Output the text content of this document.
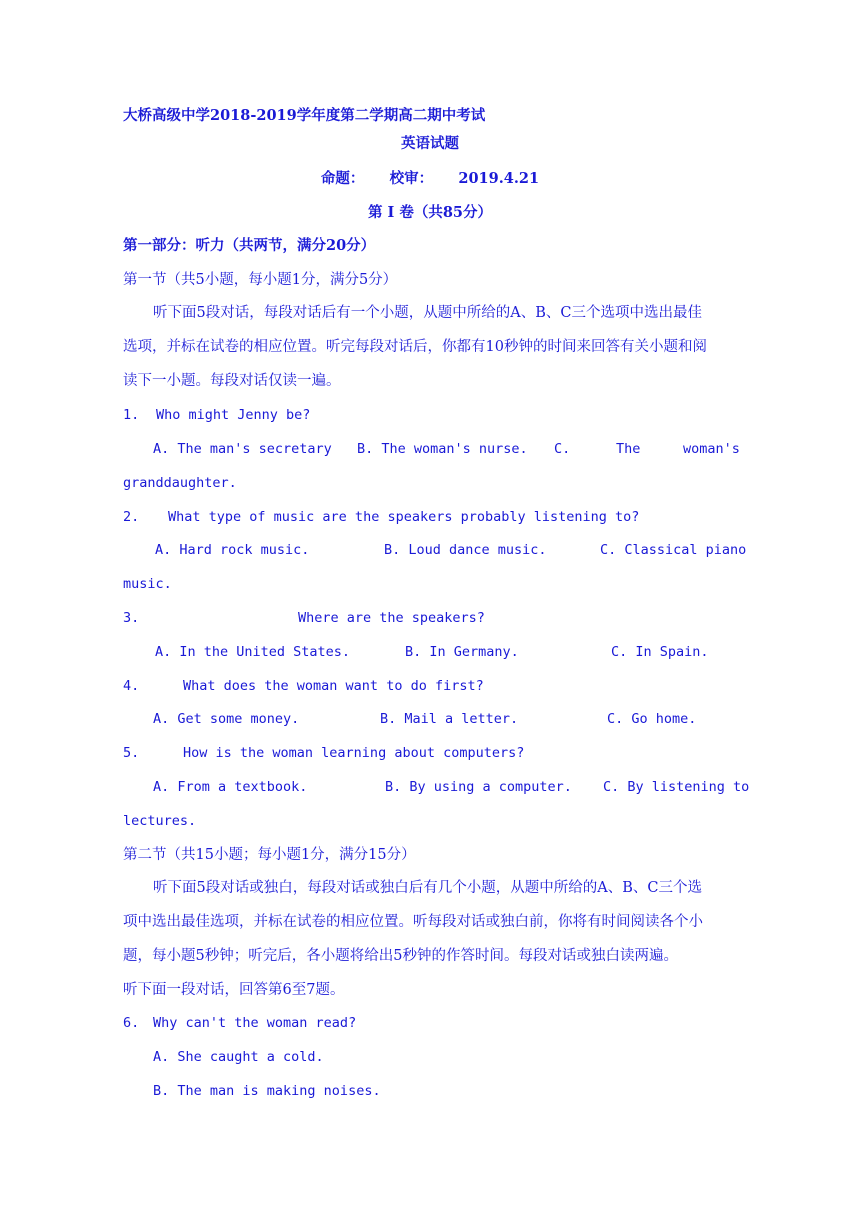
大桥高级中学2018-2019学年度第二学期高二期中考试
英语试题
命题：     校审：     2019.4.21
第 I 卷（共85分）
第一部分：听力（共两节，满分20分）
第一节（共5小题，每小题1分，满分5分）
听下面5段对话，每段对话后有一个小题，从题中所给的A、B、C三个选项中选出最佳
选项，并标在试卷的相应位置。听完每段对话后，你都有10秒钟的时间来回答有关小题和阅
读下一小题。每段对话仅读一遍。
1. Who might Jenny be?
A. The man's secretary B. The woman's nurse. C.	The	woman's
granddaughter.
2. What type of music are the speakers probably listening to?
A. Hard rock music.	B. Loud dance music.	C. Classical piano
music.
3.	Where are the speakers?
A. In the United States.	B. In Germany.	C. In Spain.
4.	What does the woman want to do first?
A. Get some money.	B. Mail a letter.	C. Go home.
5.	How is the woman learning about computers?
A. From a textbook.	B. By using a computer. C. By listening to
lectures.
第二节（共15小题；每小题1分，满分15分）
听下面5段对话或独白，每段对话或独白后有几个小题，从题中所给的A、B、C三个选
项中选出最佳选项，并标在试卷的相应位置。听每段对话或独白前，你将有时间阅读各个小
题，每小题5秒钟；听完后，各小题将给出5秒钟的作答时间。每段对话或独白读两遍。
听下面一段对话，回答第6至7题。
6. Why can't the woman read?
A. She caught a cold.
B. The man is making noises.
